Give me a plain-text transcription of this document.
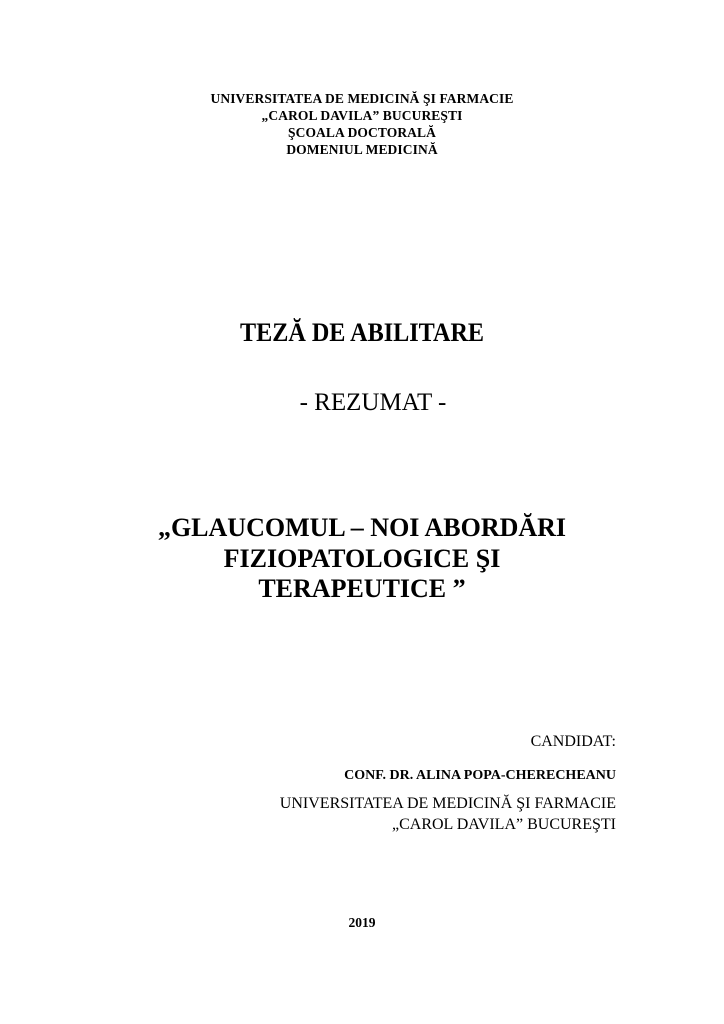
UNIVERSITATEA DE MEDICINĂ ŞI FARMACIE
„CAROL DAVILA” BUCUREŞTI
ŞCOALA DOCTORALĂ
DOMENIUL MEDICINĂ
TEZĂ DE ABILITARE
- REZUMAT -
„GLAUCOMUL – NOI ABORDĂRI
FIZIOPATOLOGICE ŞI
TERAPEUTICE ”
CANDIDAT:
CONF. DR. ALINA POPA-CHERECHEANU
UNIVERSITATEA DE MEDICINĂ ŞI FARMACIE
„CAROL DAVILA” BUCUREŞTI
2019
